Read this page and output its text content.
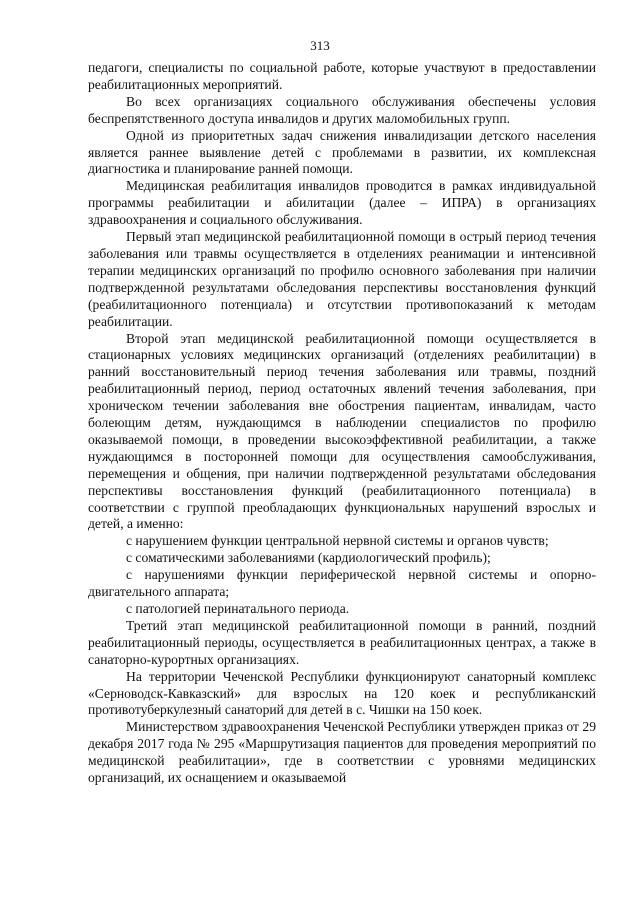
313

педагоги, специалисты по социальной работе, которые участвуют в предоставлении реабилитационных мероприятий.

Во всех организациях социального обслуживания обеспечены условия беспрепятственного доступа инвалидов и других маломобильных групп.

Одной из приоритетных задач снижения инвалидизации детского населения является раннее выявление детей с проблемами в развитии, их комплексная диагностика и планирование ранней помощи.

Медицинская реабилитация инвалидов проводится в рамках индивидуальной программы реабилитации и абилитации (далее – ИПРА) в организациях здравоохранения и социального обслуживания.

Первый этап медицинской реабилитационной помощи в острый период течения заболевания или травмы осуществляется в отделениях реанимации и интенсивной терапии медицинских организаций по профилю основного заболевания при наличии подтвержденной результатами обследования перспективы восстановления функций (реабилитационного потенциала) и отсутствии противопоказаний к методам реабилитации.

Второй этап медицинской реабилитационной помощи осуществляется в стационарных условиях медицинских организаций (отделениях реабилитации) в ранний восстановительный период течения заболевания или травмы, поздний реабилитационный период, период остаточных явлений течения заболевания, при хроническом течении заболевания вне обострения пациентам, инвалидам, часто болеющим детям, нуждающимся в наблюдении специалистов по профилю оказываемой помощи, в проведении высокоэффективной реабилитации, а также нуждающимся в посторонней помощи для осуществления самообслуживания, перемещения и общения, при наличии подтвержденной результатами обследования перспективы восстановления функций (реабилитационного потенциала) в соответствии с группой преобладающих функциональных нарушений взрослых и детей, а именно:

с нарушением функции центральной нервной системы и органов чувств;

с соматическими заболеваниями (кардиологический профиль);

с нарушениями функции периферической нервной системы и опорно-двигательного аппарата;

с патологией перинатального периода.

Третий этап медицинской реабилитационной помощи в ранний, поздний реабилитационный периоды, осуществляется в реабилитационных центрах, а также в санаторно-курортных организациях.

На территории Чеченской Республики функционируют санаторный комплекс «Серноводск-Кавказский» для взрослых на 120 коек и республиканский противотуберкулезный санаторий для детей в с. Чишки на 150 коек.

Министерством здравоохранения Чеченской Республики утвержден приказ от 29 декабря 2017 года № 295 «Маршрутизация пациентов для проведения мероприятий по медицинской реабилитации», где в соответствии с уровнями медицинских организаций, их оснащением и оказываемой
